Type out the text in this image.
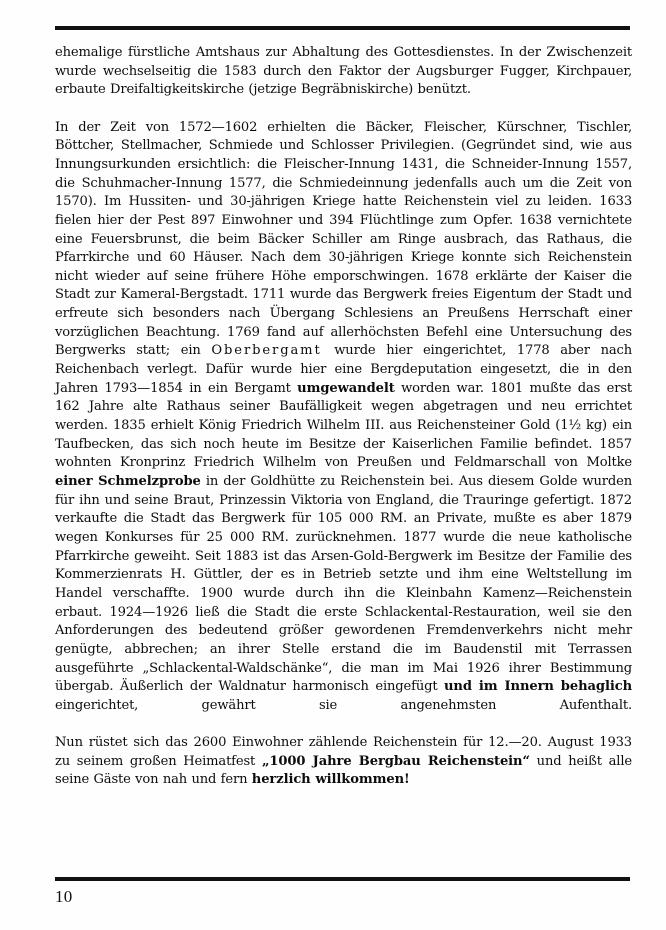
ehemalige fürstliche Amtshaus zur Abhaltung des Gottesdienstes. In der Zwischenzeit wurde wechselseitig die 1583 durch den Faktor der Augsburger Fugger, Kirchpauer, erbaute Dreifaltigkeitskirche (jetzige Begräbniskirche) benützt.

In der Zeit von 1572—1602 erhielten die Bäcker, Fleischer, Kürschner, Tischler, Böttcher, Stellmacher, Schmiede und Schlosser Privilegien. (Gegründet sind, wie aus Innungsurkunden ersichtlich: die Fleischer-Innung 1431, die Schneider-Innung 1557, die Schuhmacher-Innung 1577, die Schmiedeinnung jedenfalls auch um die Zeit von 1570). Im Hussiten- und 30-jährigen Kriege hatte Reichenstein viel zu leiden. 1633 fielen hier der Pest 897 Einwohner und 394 Flüchtlinge zum Opfer. 1638 vernichtete eine Feuersbrunst, die beim Bäcker Schiller am Ringe ausbrach, das Rathaus, die Pfarrkirche und 60 Häuser. Nach dem 30-jährigen Kriege konnte sich Reichenstein nicht wieder auf seine frühere Höhe emporschwingen. 1678 erklärte der Kaiser die Stadt zur Kameral-Bergstadt. 1711 wurde das Bergwerk freies Eigentum der Stadt und erfreute sich besonders nach Übergang Schlesiens an Preußens Herrschaft einer vorzüglichen Beachtung. 1769 fand auf allerhöchsten Befehl eine Untersuchung des Bergwerks statt; ein Oberbergamt wurde hier eingerichtet, 1778 aber nach Reichenbach verlegt. Dafür wurde hier eine Bergdeputation eingesetzt, die in den Jahren 1793—1854 in ein Bergamt umgewandelt worden war. 1801 mußte das erst 162 Jahre alte Rathaus seiner Baufälligkeit wegen abgetragen und neu errichtet werden. 1835 erhielt König Friedrich Wilhelm III. aus Reichensteiner Gold (1½ kg) ein Taufbecken, das sich noch heute im Besitze der Kaiserlichen Familie befindet. 1857 wohnten Kronprinz Friedrich Wilhelm von Preußen und Feldmarschall von Moltke einer Schmelzprobe in der Goldhütte zu Reichenstein bei. Aus diesem Golde wurden für ihn und seine Braut, Prinzessin Viktoria von England, die Trauringe gefertigt. 1872 verkaufte die Stadt das Bergwerk für 105 000 RM. an Private, mußte es aber 1879 wegen Konkurses für 25 000 RM. zurücknehmen. 1877 wurde die neue katholische Pfarrkirche geweiht. Seit 1883 ist das Arsen-Gold-Bergwerk im Besitze der Familie des Kommerzienrats H. Güttler, der es in Betrieb setzte und ihm eine Weltstellung im Handel verschaffte. 1900 wurde durch ihn die Kleinbahn Kamenz—Reichenstein erbaut. 1924—1926 ließ die Stadt die erste Schlackental-Restauration, weil sie den Anforderungen des bedeutend größer gewordenen Fremdenverkehrs nicht mehr genügte, abbrechen; an ihrer Stelle erstand die im Baudenstil mit Terrassen ausgeführte „Schlackental-Waldschänke“, die man im Mai 1926 ihrer Bestimmung übergab. Äußerlich der Waldnatur harmonisch eingefügt und im Innern behaglich eingerichtet, gewährt sie angenehmsten Aufenthalt.

Nun rüstet sich das 2600 Einwohner zählende Reichenstein für 12.—20. August 1933 zu seinem großen Heimatfest „1000 Jahre Bergbau Reichenstein“ und heißt alle seine Gäste von nah und fern herzlich willkommen!

10
